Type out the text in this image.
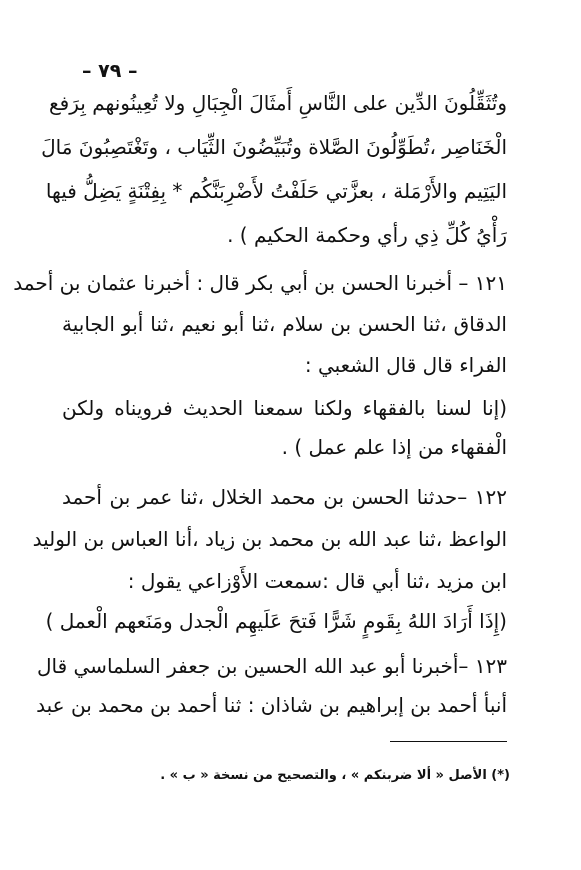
– ٧٩ –
وتُثَقِّلُونَ الدِّين على النَّاسِ أَمثَالَ الْجِبَالِ ولا تُعِينُونهم بِرَفع
الْخَنَاصِر ،تُطَوِّلُونَ الصَّلاة وتُبَيِّضُونَ الثِّيَاب ، وتَغْتَصِبُونَ مَالَ
اليَتِيم والأَرْمَلة ، بعزَّتي حَلَفْتُ لأَضْرِبَنَّكُم * بِفِتْنَةٍ يَضِلُّ فيها
رَأْيُ كُلِّ ذِي رأي وحكمة الحكيم ) .
١٢١ – أخبرنا الحسن بن أبي بكر قال : أخبرنا عثمان بن أحمد
الدقاق ،ثنا الحسن بن سلام ،ثنا أبو نعيم ،ثنا أبو الجابية
الفراء قال قال الشعبي :
(إنا لسنا بالفقهاء ولكنا سمعنا الحديث فرويناه ولكن
الْفقهاء من إذا علم عمل ) .
١٢٢ –حدثنا الحسن بن محمد الخلال ،ثنا عمر بن أحمد
الواعظ ،ثنا عبد الله بن محمد بن زياد ،أنا العباس بن الوليد
ابن مزيد ،ثنا أبي قال :سمعت الأَوْزاعي يقول :
(إِذَا أَرَادَ اللهُ بِقَومٍ شَرًّا فَتحَ عَلَيهِم الْجدل ومَنَعهم الْعمل )
١٢٣ –أخبرنا أبو عبد الله الحسين بن جعفر السلماسي قال
أنبأ أحمد بن إبراهيم بن شاذان : ثنا أحمد بن محمد بن عبد
(*) الأصل « ألا ضربنكم » ، والتصحيح من نسخة « ب » .
